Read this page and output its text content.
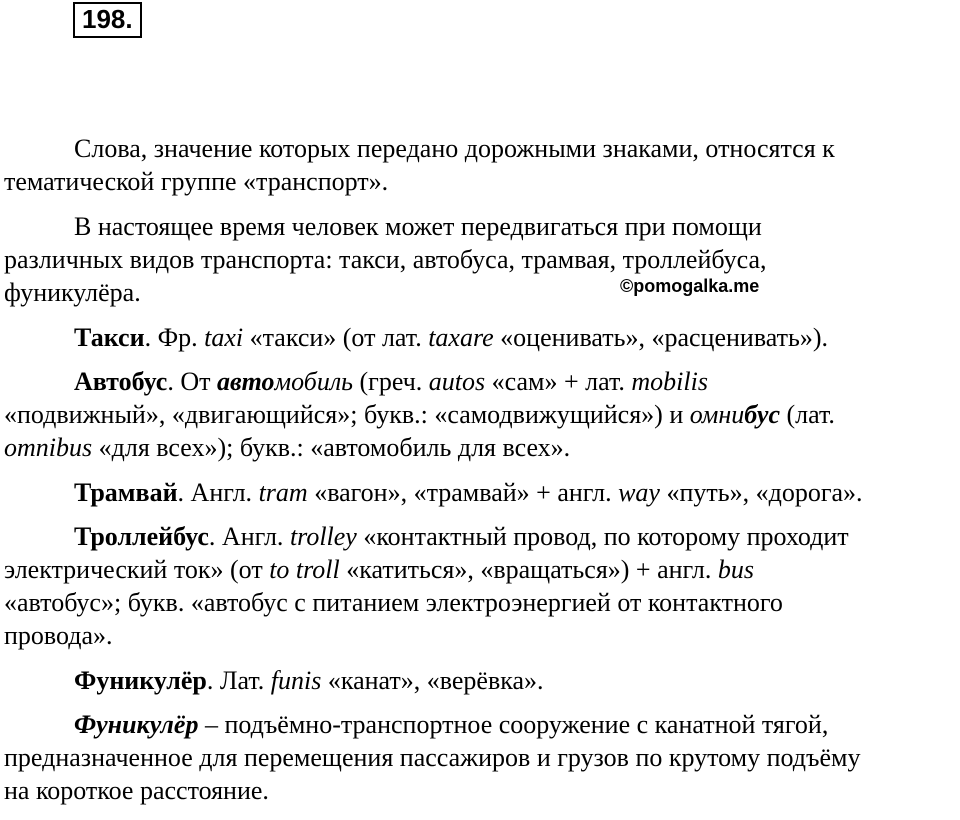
198.
©pomogalka.me
Слова, значение которых передано дорожными знаками, относятся к
тематической группе «транспорт».
В настоящее время человек может передвигаться при помощи
различных видов транспорта: такси, автобуса, трамвая, троллейбуса,
фуникулёра.
Такси. Фр. taxi «такси» (от лат. taxare «оценивать», «расценивать»).
Автобус. От автомобиль (греч. autos «сам» + лат. mobilis
«подвижный», «двигающийся»; букв.: «самодвижущийся») и омнибус (лат.
omnibus «для всех»); букв.: «автомобиль для всех».
Трамвай. Англ. tram «вагон», «трамвай» + англ. way «путь», «дорога».
Троллейбус. Англ. trolley «контактный провод, по которому проходит
электрический ток» (от to troll «катиться», «вращаться») + англ. bus
«автобус»; букв. «автобус с питанием электроэнергией от контактного
провода».
Фуникулёр. Лат. funis «канат», «верёвка».
Фуникулёр – подъёмно-транспортное сооружение с канатной тягой,
предназначенное для перемещения пассажиров и грузов по крутому подъёму
на короткое расстояние.
